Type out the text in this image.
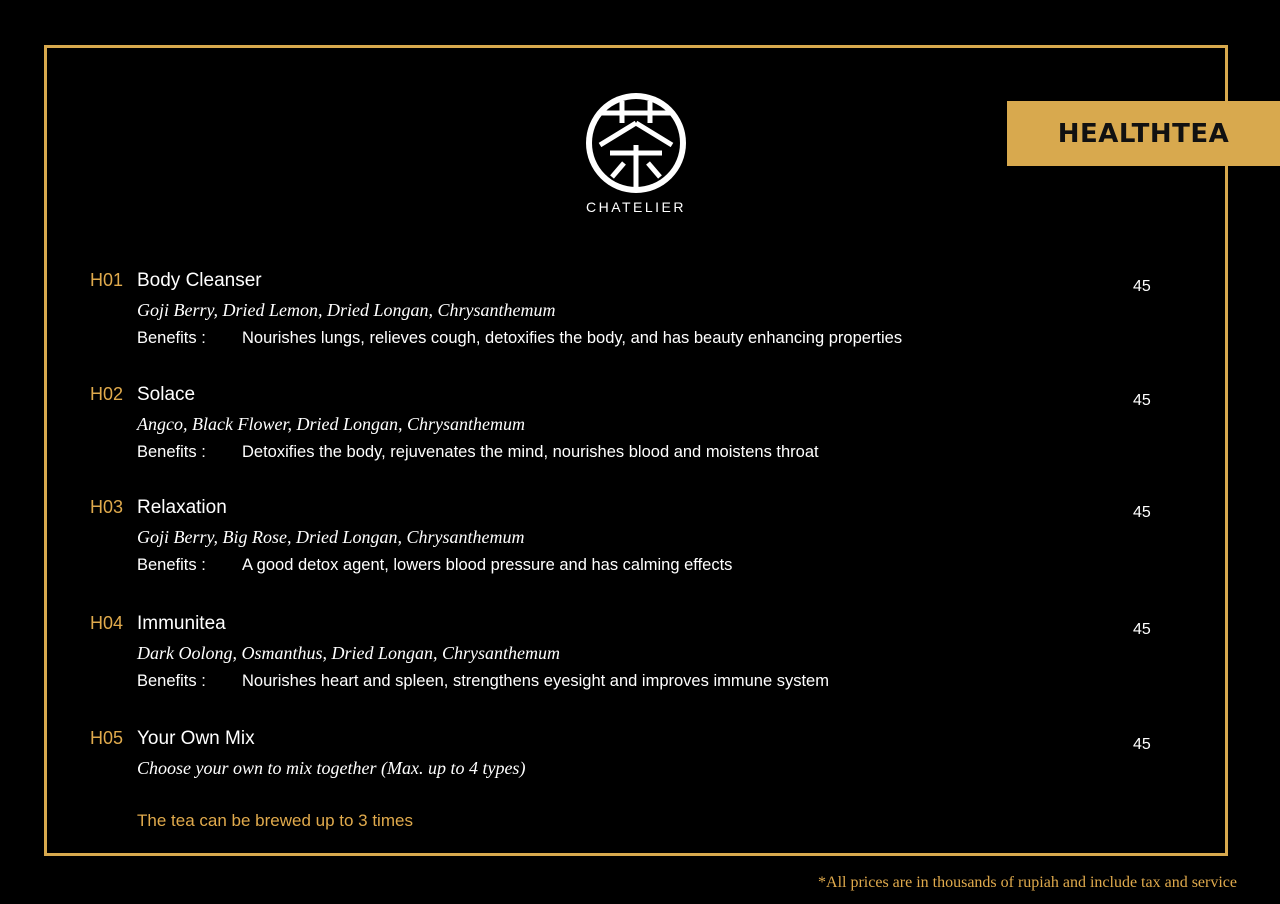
HEALTHTEA
CHATELIER
H01 Body Cleanser
Goji Berry, Dried Lemon, Dried Longan, Chrysanthemum
Benefits : Nourishes lungs, relieves cough, detoxifies the body, and has beauty enhancing properties
45
H02 Solace
Angco, Black Flower, Dried Longan, Chrysanthemum
Benefits : Detoxifies the body, rejuvenates the mind, nourishes blood and moistens throat
45
H03 Relaxation
Goji Berry, Big Rose, Dried Longan, Chrysanthemum
Benefits : A good detox agent, lowers blood pressure and has calming effects
45
H04 Immunitea
Dark Oolong, Osmanthus, Dried Longan, Chrysanthemum
Benefits : Nourishes heart and spleen, strengthens eyesight and improves immune system
45
H05 Your Own Mix
Choose your own to mix together (Max. up to 4 types)
45
The tea can be brewed up to 3 times
*All prices are in thousands of rupiah and include tax and service
